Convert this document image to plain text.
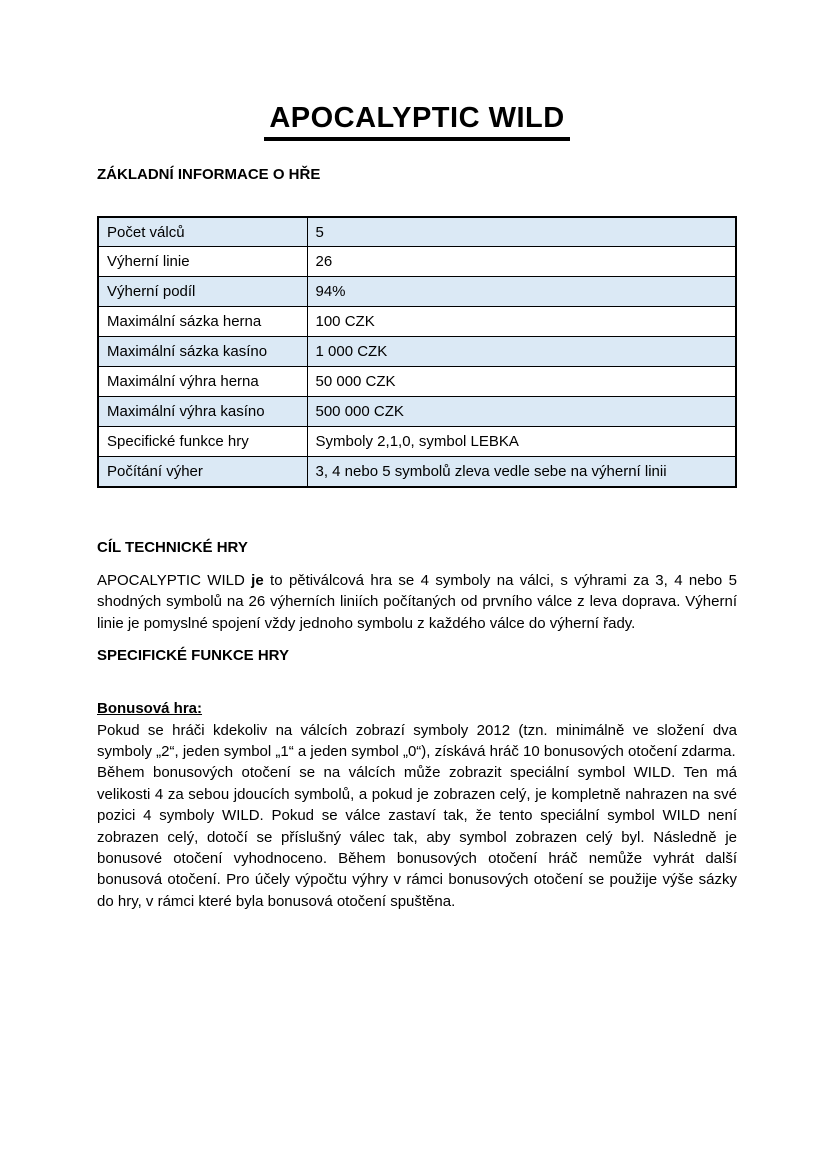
APOCALYPTIC WILD
ZÁKLADNÍ INFORMACE O HŘE
Počet válců	5
Výherní linie	26
Výherní podíl	94%
Maximální sázka herna	100 CZK
Maximální sázka kasíno	1 000 CZK
Maximální výhra herna	50 000 CZK
Maximální výhra kasíno	500 000 CZK
Specifické funkce hry	Symboly 2,1,0, symbol LEBKA
Počítání výher	3, 4 nebo 5 symbolů zleva vedle sebe na výherní linii
CÍL TECHNICKÉ HRY

APOCALYPTIC WILD je to pětiválcová hra se 4 symboly na válci, s výhrami za 3, 4 nebo 5 shodných symbolů na 26 výherních liniích počítaných od prvního válce z leva doprava. Výherní linie je pomyslné spojení vždy jednoho symbolu z každého válce do výherní řady.

SPECIFICKÉ FUNKCE HRY
Bonusová hra:

Pokud se hráči kdekoliv na válcích zobrazí symboly 2012 (tzn. minimálně ve složení dva symboly „2“, jeden symbol „1“ a jeden symbol „0“), získává hráč 10 bonusových otočení zdarma.

Během bonusových otočení se na válcích může zobrazit speciální symbol WILD. Ten má velikosti 4 za sebou jdoucích symbolů, a pokud je zobrazen celý, je kompletně nahrazen na své pozici 4 symboly WILD. Pokud se válce zastaví tak, že tento speciální symbol WILD není zobrazen celý, dotočí se příslušný válec tak, aby symbol zobrazen celý byl. Následně je bonusové otočení vyhodnoceno. Během bonusových otočení hráč nemůže vyhrát další bonusová otočení. Pro účely výpočtu výhry v rámci bonusových otočení se použije výše sázky do hry, v rámci které byla bonusová otočení spuštěna.
